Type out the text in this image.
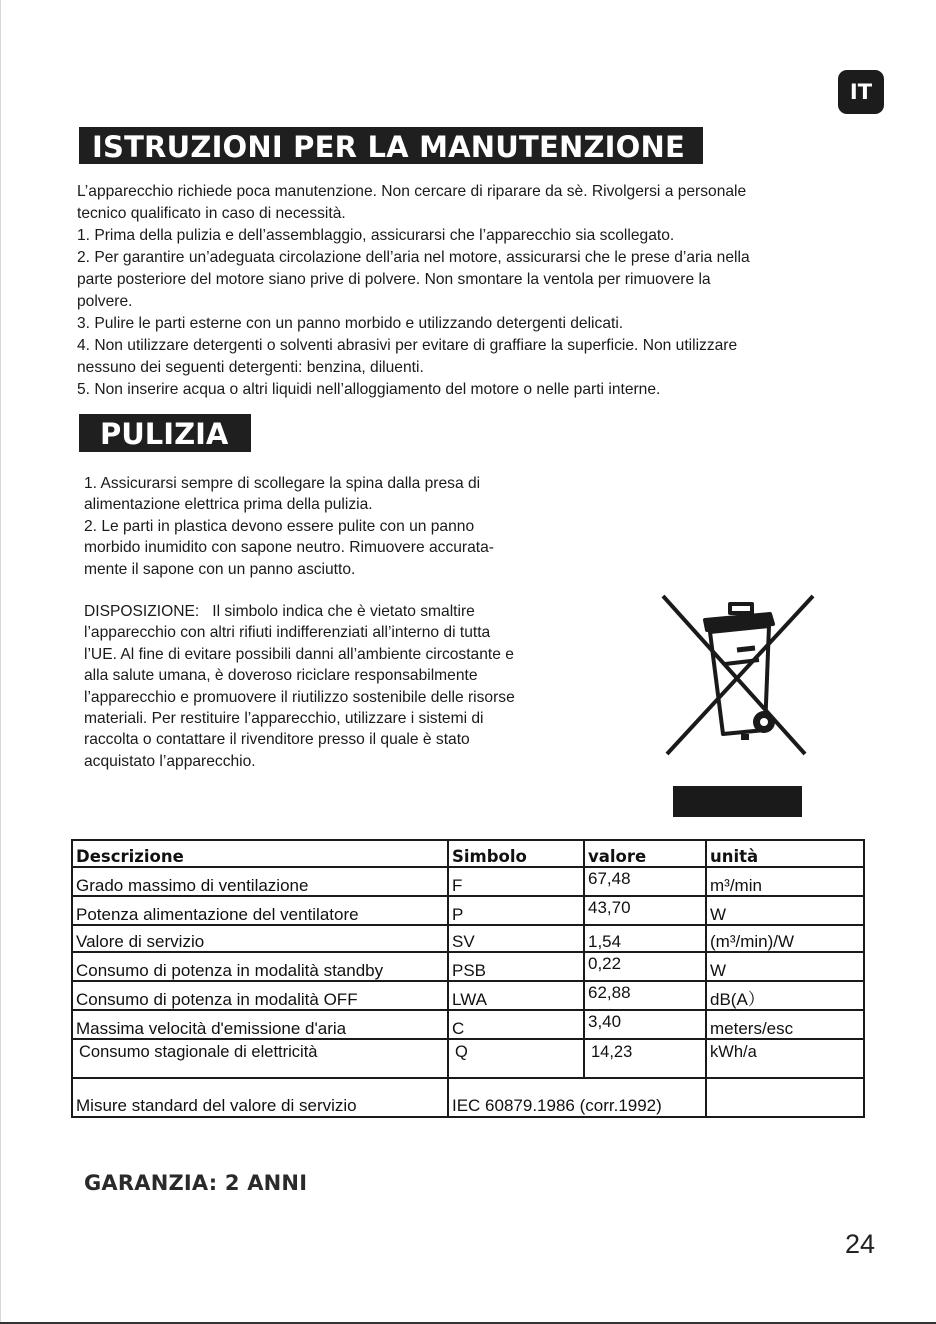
IT
ISTRUZIONI PER LA MANUTENZIONE
L’apparecchio richiede poca manutenzione. Non cercare di riparare da sè. Rivolgersi a personale
tecnico qualificato in caso di necessità.
1. Prima della pulizia e dell’assemblaggio, assicurarsi che l’apparecchio sia scollegato.
2. Per garantire un’adeguata circolazione dell’aria nel motore, assicurarsi che le prese d’aria nella
parte posteriore del motore siano prive di polvere. Non smontare la ventola per rimuovere la
polvere.
3. Pulire le parti esterne con un panno morbido e utilizzando detergenti delicati.
4. Non utilizzare detergenti o solventi abrasivi per evitare di graffiare la superficie. Non utilizzare
nessuno dei seguenti detergenti: benzina, diluenti.
5. Non inserire acqua o altri liquidi nell’alloggiamento del motore o nelle parti interne.
PULIZIA
1. Assicurarsi sempre di scollegare la spina dalla presa di
alimentazione elettrica prima della pulizia.
2. Le parti in plastica devono essere pulite con un panno
morbido inumidito con sapone neutro. Rimuovere accurata-
mente il sapone con un panno asciutto.
DISPOSIZIONE:   Il simbolo indica che è vietato smaltire
l’apparecchio con altri rifiuti indifferenziati all’interno di tutta
l’UE. Al fine di evitare possibili danni all’ambiente circostante e
alla salute umana, è doveroso riciclare responsabilmente
l’apparecchio e promuovere il riutilizzo sostenibile delle risorse
materiali. Per restituire l’apparecchio, utilizzare i sistemi di
raccolta o contattare il rivenditore presso il quale è stato
acquistato l’apparecchio.
Descrizione	Simbolo	valore	unità
Grado massimo di ventilazione	F	67,48	m³/min
Potenza alimentazione del ventilatore	P	43,70	W
Valore di servizio	SV	1,54	(m³/min)/W
Consumo di potenza in modalità standby	PSB	0,22	W
Consumo di potenza in modalità OFF	LWA	62,88	dB(A）
Massima velocità d'emissione d'aria	C	3,40	meters/esc
Consumo stagionale di elettricità	Q	14,23	kWh/a
Misure standard del valore di servizio	IEC 60879.1986 (corr.1992)		
GARANZIA: 2 ANNI
24
